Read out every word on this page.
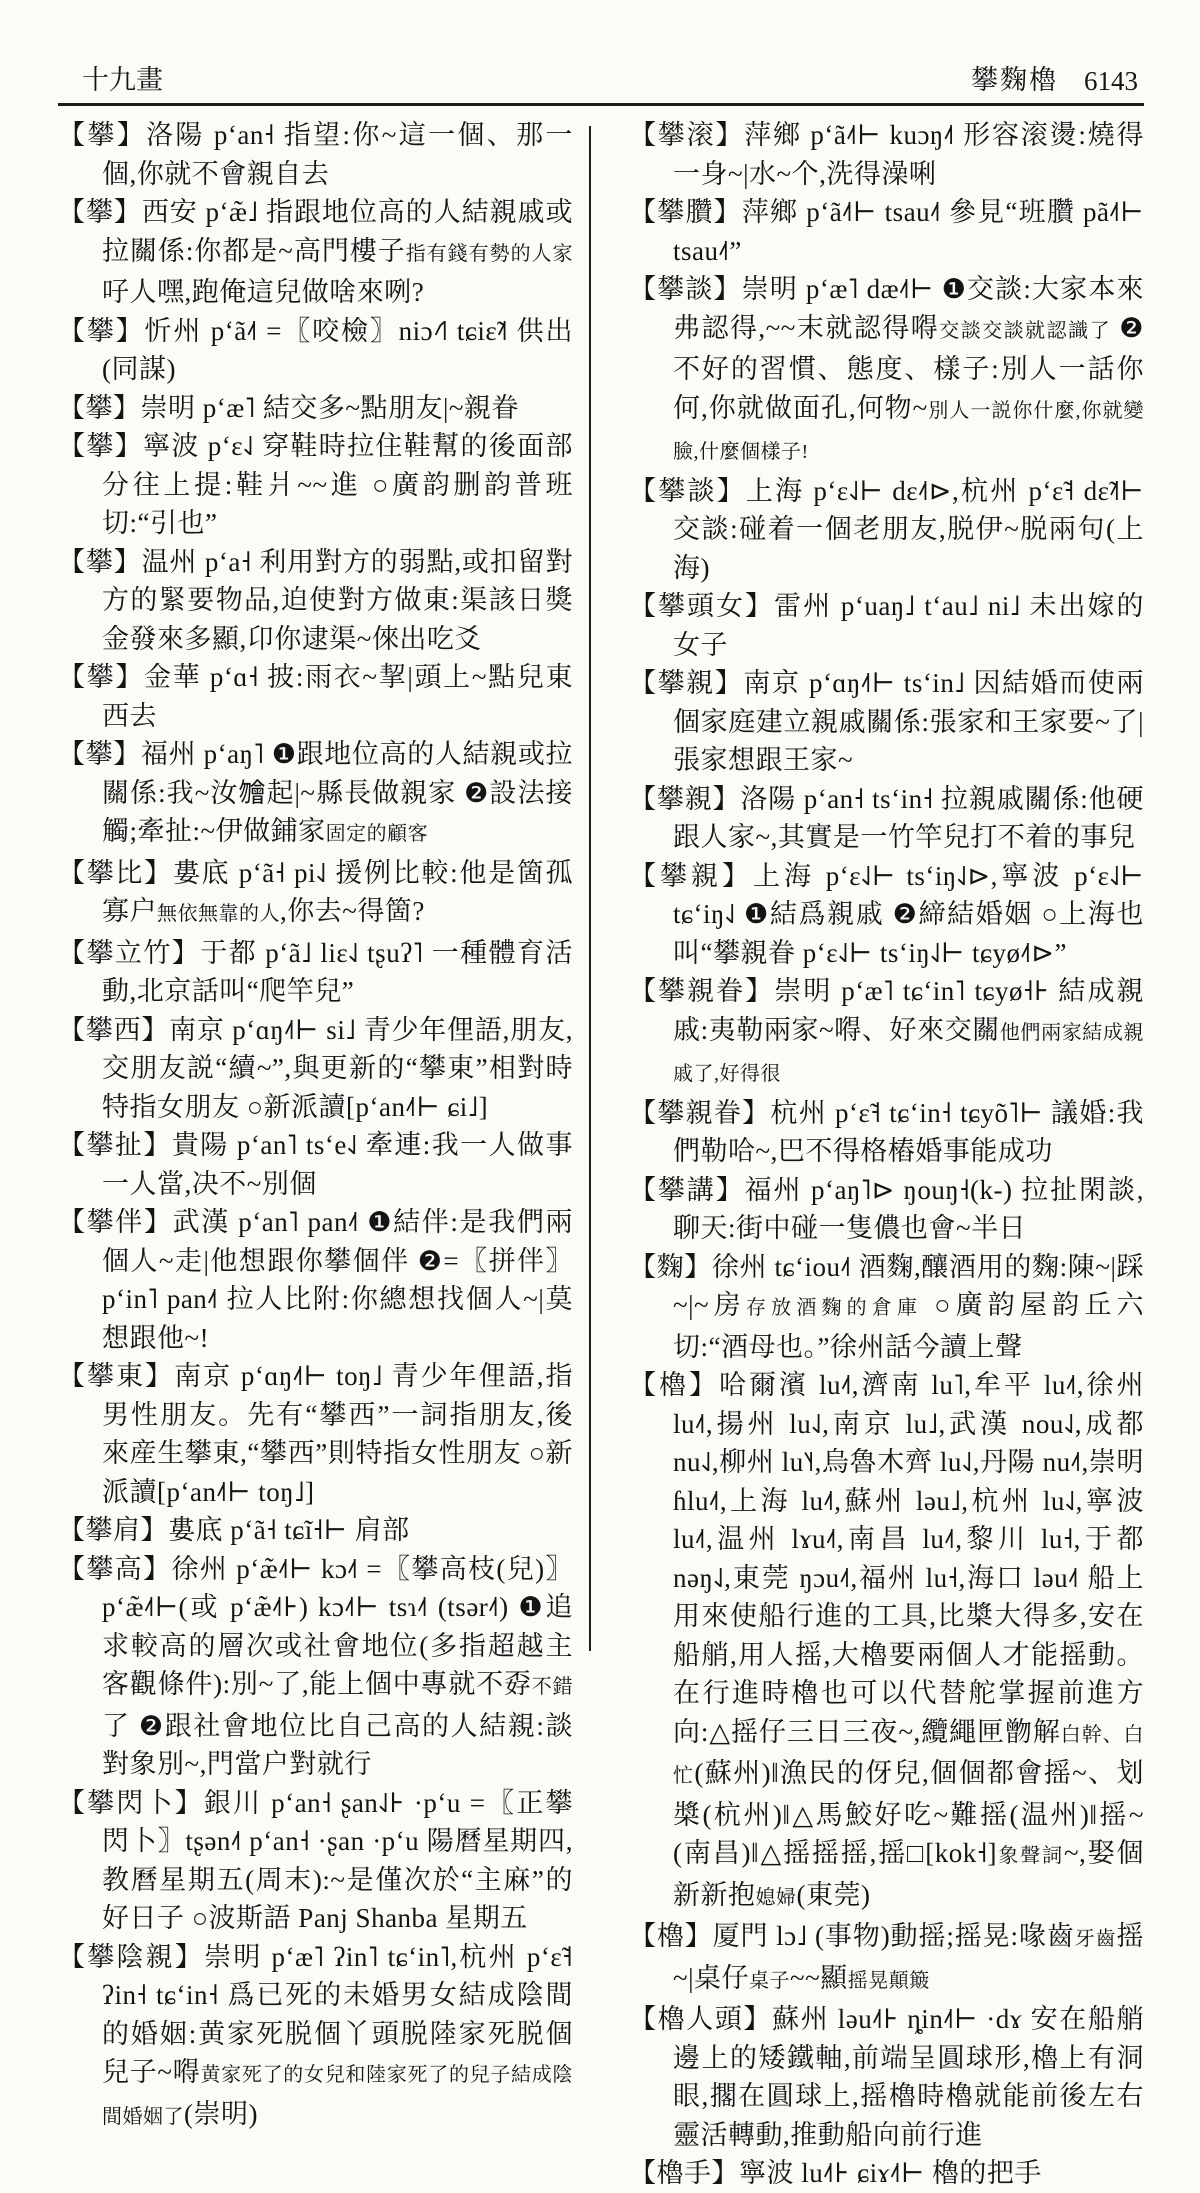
十九畫	攀麴櫓 6143

【攀】洛陽 pʻan˧ 指望:你~這一個、那一個,你就不會親自去

【攀】西安 pʻæ̃˩ 指跟地位高的人結親戚或拉關係:你都是~高門樓子指有錢有勢的人家吇人嘿,跑俺這兒做啥來咧?

【攀】忻州 pʻã˨˦ =〖咬檢〗niɔ˨˦˥ tɕiɛ̃˨˦ 供出(同謀)

【攀】崇明 pʻæ˥ 結交多~點朋友|~親眷

【攀】寧波 pʻɛ˨˩ 穿鞋時拉住鞋幫的後面部分往上提:鞋爿~~進 ○廣韵删韵普班切:“引也”

【攀】温州 pʻa˧ 利用對方的弱點,或扣留對方的緊要物品,迫使對方做東:渠該日獎金發來多顯,卬你逮渠~倈出吃爻

【攀】金華 pʻɑ˧ 披:雨衣~挈|頭上~點兒東西去

【攀】福州 pʻaŋ˥ ❶跟地位高的人結親或拉關係:我~汝𣍐起|~縣長做親家 ❷設法接觸;牽扯:~伊做鋪家固定的顧客

【攀比】婁底 pʻã˧ pi˨˩ 援例比較:他是箇孤寡户無依無靠的人,你去~得箇?

【攀立竹】于都 pʻã˩ liɛ˨˩ tʂuʔ˥ 一種體育活動,北京話叫“爬竿兒”

【攀西】南京 pʻɑŋ˨˦⊢ si˩ 青少年俚語,朋友,交朋友説“續~”,與更新的“攀東”相對時特指女朋友 ○新派讀[pʻan˨˦⊢ ɕi˩]

【攀扯】貴陽 pʻan˥ tsʻe˨˩ 牽連:我一人做事一人當,决不~別個

【攀伴】武漢 pʻan˥ pan˨˦ ❶結伴:是我們兩個人~走|他想跟你攀個伴 ❷=〖拼伴〗pʻin˥ pan˨˦ 拉人比附:你總想找個人~|莫想跟他~!

【攀東】南京 pʻɑŋ˨˦⊢ toŋ˩ 青少年俚語,指男性朋友。先有“攀西”一詞指朋友,後來産生攀東,“攀西”則特指女性朋友 ○新派讀[pʻan˨˦⊢ toŋ˩]

【攀肩】婁底 pʻã˧ tɕĩ˧⊢ 肩部

【攀高】徐州 pʻæ̃˨˦⊢ kɔ˨˦ =〖攀高枝(兒)〗pʻæ̃˨˦⊢(或 pʻæ̃˨˦⊦) kɔ˨˦⊢ tsɿ˨˦ (tsər˨˦) ❶追求較高的層次或社會地位(多指超越主客觀條件):別~了,能上個中專就不孬不錯了 ❷跟社會地位比自己高的人結親:談對象別~,門當户對就行

【攀閃卜】銀川 pʻan˧ ʂan˨˩⊦ ·pʻu =〖正攀閃卜〗tʂən˨˦ pʻan˧ ·ʂan ·pʻu 陽曆星期四,教曆星期五(周末):~是僅次於“主麻”的好日子 ○波斯語 Panj Shanba 星期五

【攀陰親】崇明 pʻæ˥ ʔin˥ tɕʻin˥,杭州 pʻɛ̃˧ ʔin˧ tɕʻin˧ 爲已死的未婚男女結成陰間的婚姻:黄家死脱個丫頭脱陸家死脱個兒子~嘚黄家死了的女兒和陸家死了的兒子結成陰間婚姻了(崇明)

【攀滚】萍鄉 pʻã˨˦⊢ kuɔŋ˨˦ 形容滚燙:燒得一身~|水~个,洗得澡唎

【攀臢】萍鄉 pʻã˨˦⊢ tsau˨˦ 參見“班臢 pã˨˦⊢ tsau˨˦”

【攀談】崇明 pʻæ˥ dæ˨˦⊢ ❶交談:大家本來弗認得,~~末就認得嘚交談交談就認識了 ❷不好的習慣、態度、樣子:別人一話你何,你就做面孔,何物~別人一説你什麼,你就變臉,什麼個樣子!

【攀談】上海 pʻɛ˨˩⊢ dɛ˨˦⊳,杭州 pʻɛ̃˧ dɛ̃˨˦⊢ 交談:碰着一個老朋友,脱伊~脱兩句(上海)

【攀頭女】雷州 pʻuaŋ˩ tʻau˩ ni˩ 未出嫁的女子

【攀親】南京 pʻɑŋ˨˦⊢ tsʻin˩ 因結婚而使兩個家庭建立親戚關係:張家和王家要~了|張家想跟王家~

【攀親】洛陽 pʻan˧ tsʻin˧ 拉親戚關係:他硬跟人家~,其實是一竹竿兒打不着的事兒

【攀親】上海 pʻɛ˨˩⊢ tsʻiŋ˨˩⊳,寧波 pʻɛ˨˩⊢ tɕʻiŋ˨˩ ❶結爲親戚 ❷締結婚姻 ○上海也叫“攀親眷 pʻɛ˨˩⊢ tsʻiŋ˨˩⊢ tɕyø˨˦⊳”

【攀親眷】崇明 pʻæ˥ tɕʻin˥ tɕyø˧⊦ 結成親戚:夷勒兩家~嘚、好來交關他們兩家結成親戚了,好得很

【攀親眷】杭州 pʻɛ̃˧ tɕʻin˧ tɕyõ˥⊢ 議婚:我們勒哈~,巴不得格樁婚事能成功

【攀講】福州 pʻaŋ˥⊳ ŋouŋ˧(k-) 拉扯閑談,聊天:街中碰一隻儂也會~半日

【麴】徐州 tɕʻiou˨˦ 酒麴,釀酒用的麴:陳~|踩~|~房存放酒麴的倉庫 ○廣韵屋韵丘六切:“酒母也。”徐州話今讀上聲

【櫓】哈爾濱 lu˨˦,濟南 lu˥,牟平 lu˨˦,徐州 lu˨˦,揚州 lu˨˩,南京 lu˩,武漢 nou˨˩,成都 nu˨˩,柳州 lu˥˧,烏魯木齊 lu˨˩,丹陽 nu˨˦,崇明 ɦlu˨˦,上海 lu˨˦,蘇州 ləu˩,杭州 lu˨˩,寧波 lu˨˦,温州 lɤu˨˦,南昌 lu˨˦,黎川 lu˧,于都 nəŋ˨˩,東莞 ŋɔu˨˦,福州 lu˧,海口 ləu˨˦ 船上用來使船行進的工具,比槳大得多,安在船艄,用人摇,大櫓要兩個人才能摇動。在行進時櫓也可以代替舵掌握前進方向:△摇仔三日三夜~,纜繩匣朆解白幹、白忙(蘇州)‖漁民的伢兒,個個都會摇~、划槳(杭州)‖△馬鮫好吃~難摇(温州)‖摇~(南昌)‖△摇摇摇,摇□[kok˧]象聲詞~,娶個新新抱媳婦(東莞)

【櫓】厦門 lɔ˩ (事物)動摇;摇晃:喙齒牙齒摇~|桌仔桌子~~顯摇晃顛簸

【櫓人頭】蘇州 ləu˨˦⊦ ȵin˨˦⊢ ·dɤ 安在船艄邊上的矮鐵軸,前端呈圓球形,櫓上有洞眼,擱在圓球上,摇櫓時櫓就能前後左右靈活轉動,推動船向前行進

【櫓手】寧波 lu˨˦⊦ ɕiɤ˨˦⊢ 櫓的把手
